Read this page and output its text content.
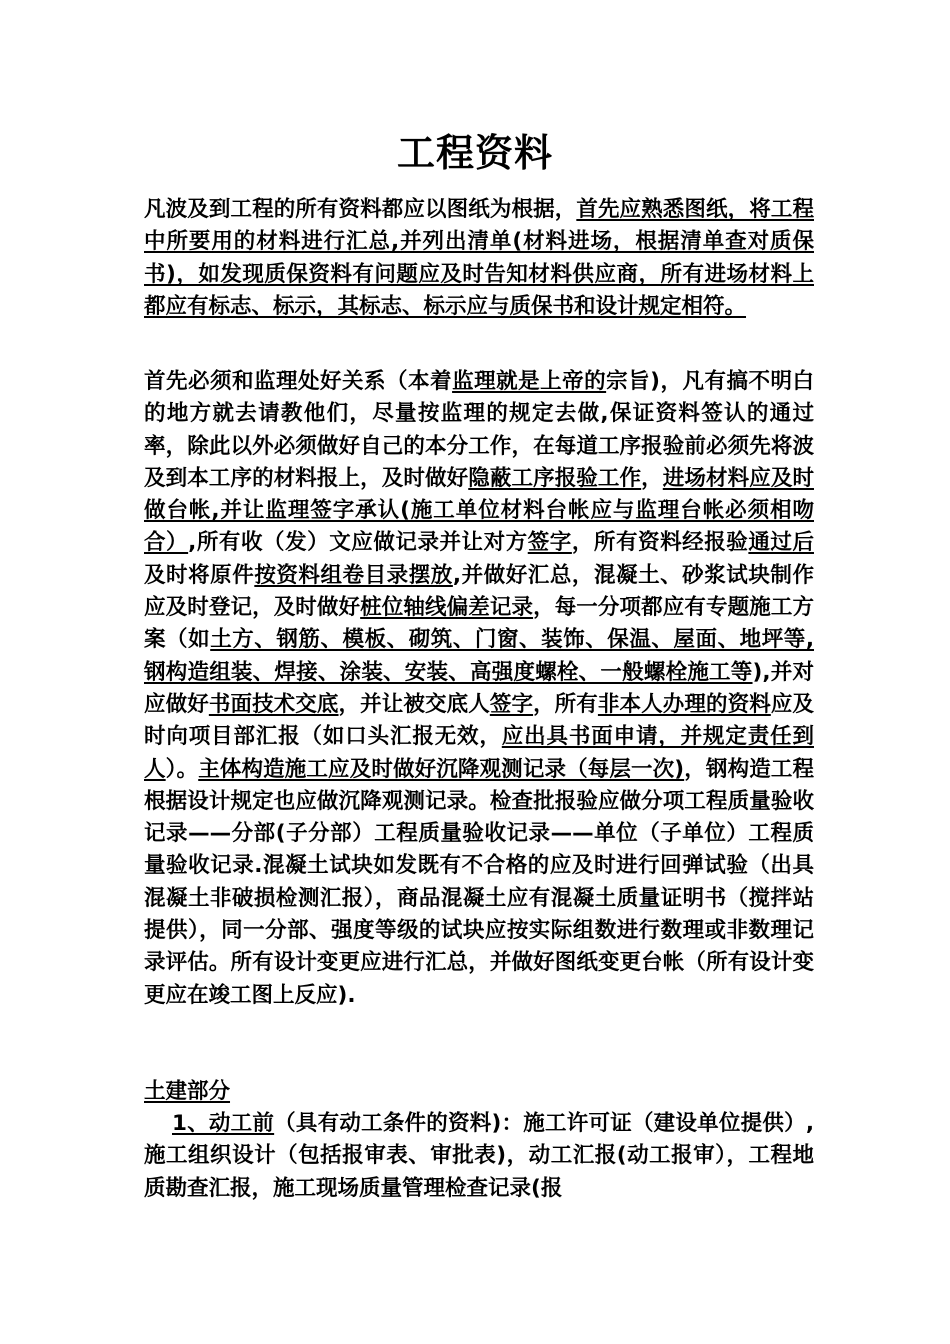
工程资料
凡波及到工程的所有资料都应以图纸为根据，首先应熟悉图纸，将工程中所要用的材料进行汇总,并列出清单(材料进场，根据清单查对质保书)，如发现质保资料有问题应及时告知材料供应商，所有进场材料上都应有标志、标示，其标志、标示应与质保书和设计规定相符。
首先必须和监理处好关系（本着监理就是上帝的宗旨)，凡有搞不明白的地方就去请教他们，尽量按监理的规定去做,保证资料签认的通过率，除此以外必须做好自己的本分工作，在每道工序报验前必须先将波及到本工序的材料报上，及时做好隐蔽工序报验工作，进场材料应及时做台帐,并让监理签字承认(施工单位材料台帐应与监理台帐必须相吻合）,所有收（发）文应做记录并让对方签字，所有资料经报验通过后及时将原件按资料组卷目录摆放,并做好汇总，混凝土、砂浆试块制作应及时登记，及时做好桩位轴线偏差记录，每一分项都应有专题施工方案（如土方、钢筋、模板、砌筑、门窗、装饰、保温、屋面、地坪等,钢构造组装、焊接、涂装、安装、高强度螺栓、一般螺栓施工等),并对应做好书面技术交底，并让被交底人签字，所有非本人办理的资料应及时向项目部汇报（如口头汇报无效，应出具书面申请，并规定责任到人）。主体构造施工应及时做好沉降观测记录（每层一次)，钢构造工程根据设计规定也应做沉降观测记录。检查批报验应做分项工程质量验收记录——分部(子分部）工程质量验收记录——单位（子单位）工程质量验收记录.混凝土试块如发既有不合格的应及时进行回弹试验（出具混凝土非破损检测汇报），商品混凝土应有混凝土质量证明书（搅拌站提供），同一分部、强度等级的试块应按实际组数进行数理或非数理记录评估。所有设计变更应进行汇总，并做好图纸变更台帐（所有设计变更应在竣工图上反应).
土建部分
1、动工前（具有动工条件的资料)：施工许可证（建设单位提供）,施工组织设计（包括报审表、审批表)，动工汇报(动工报审），工程地质勘查汇报，施工现场质量管理检查记录(报
